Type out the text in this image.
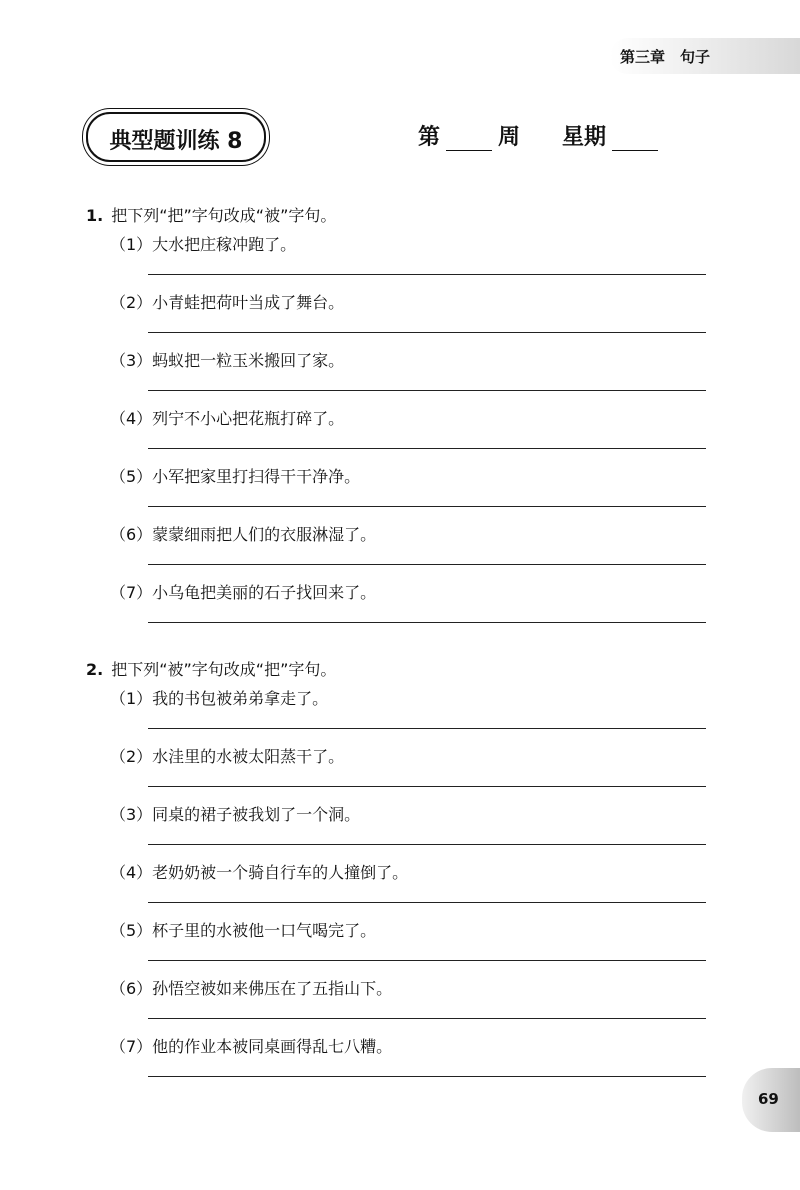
第三章　句子
典型题训练 8	第	周 星期
1. 把下列“把”字句改成“被”字句。
（1）大水把庄稼冲跑了。
（2）小青蛙把荷叶当成了舞台。
（3）蚂蚁把一粒玉米搬回了家。
（4）列宁不小心把花瓶打碎了。
（5）小军把家里打扫得干干净净。
（6）蒙蒙细雨把人们的衣服淋湿了。
（7）小乌龟把美丽的石子找回来了。
2. 把下列“被”字句改成“把”字句。
（1）我的书包被弟弟拿走了。
（2）水洼里的水被太阳蒸干了。
（3）同桌的裙子被我划了一个洞。
（4）老奶奶被一个骑自行车的人撞倒了。
（5）杯子里的水被他一口气喝完了。
（6）孙悟空被如来佛压在了五指山下。
（7）他的作业本被同桌画得乱七八糟。
69
